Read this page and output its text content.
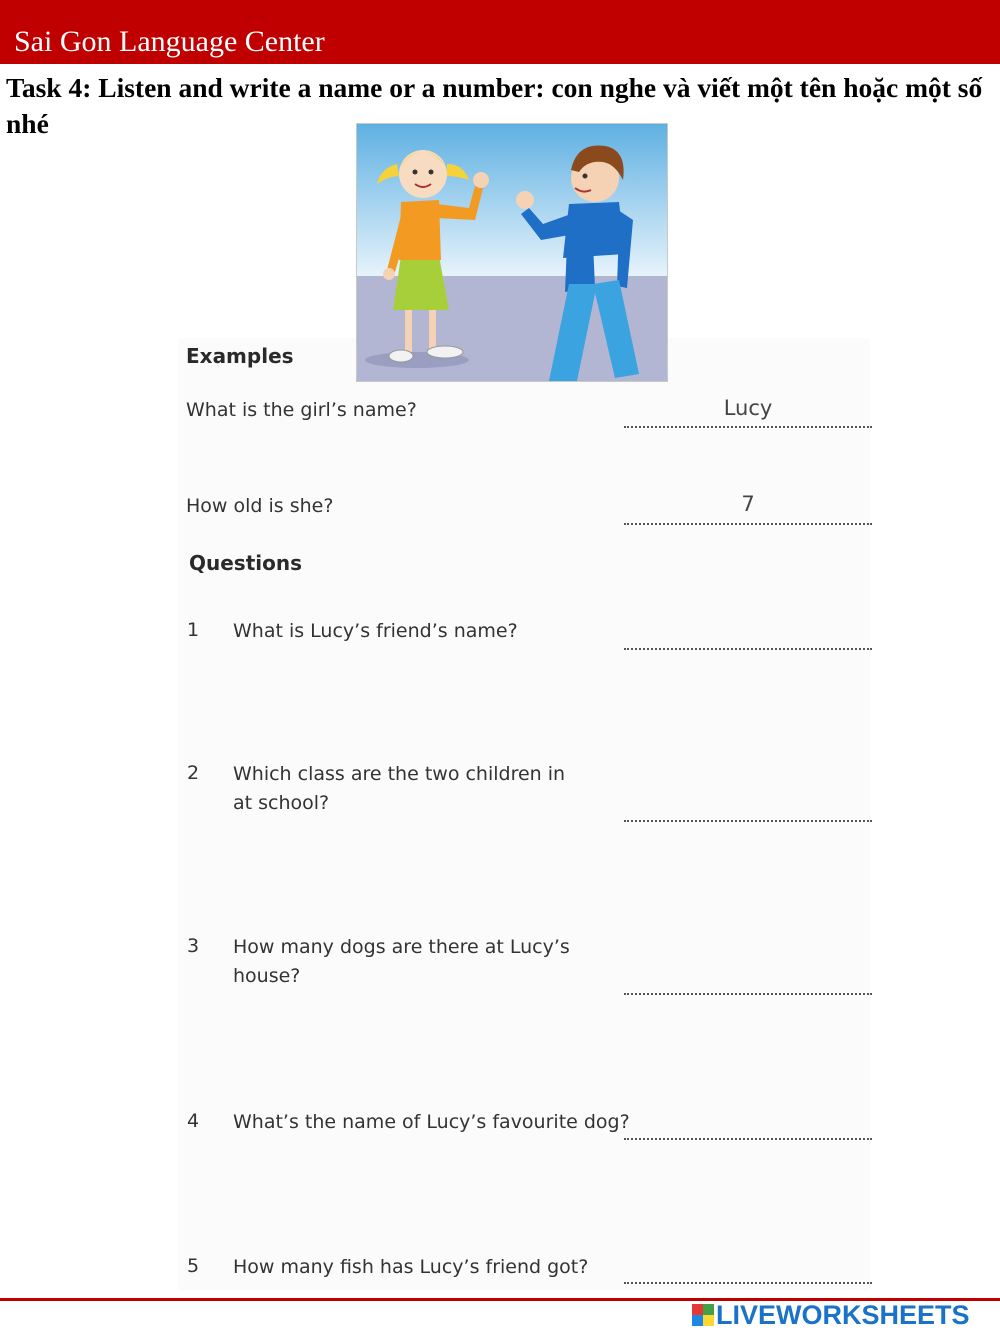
Sai Gon Language Center
Task 4: Listen and write a name or a number: con nghe và viết một tên hoặc một số nhé
Examples
What is the girl’s name?	Lucy
How old is she?	7
Questions
1 What is Lucy’s friend’s name?
2 Which class are the two children in
at school?
3 How many dogs are there at Lucy’s
house?
4 What’s the name of Lucy’s favourite dog?
5 How many fish has Lucy’s friend got?
LIVEWORKSHEETS
